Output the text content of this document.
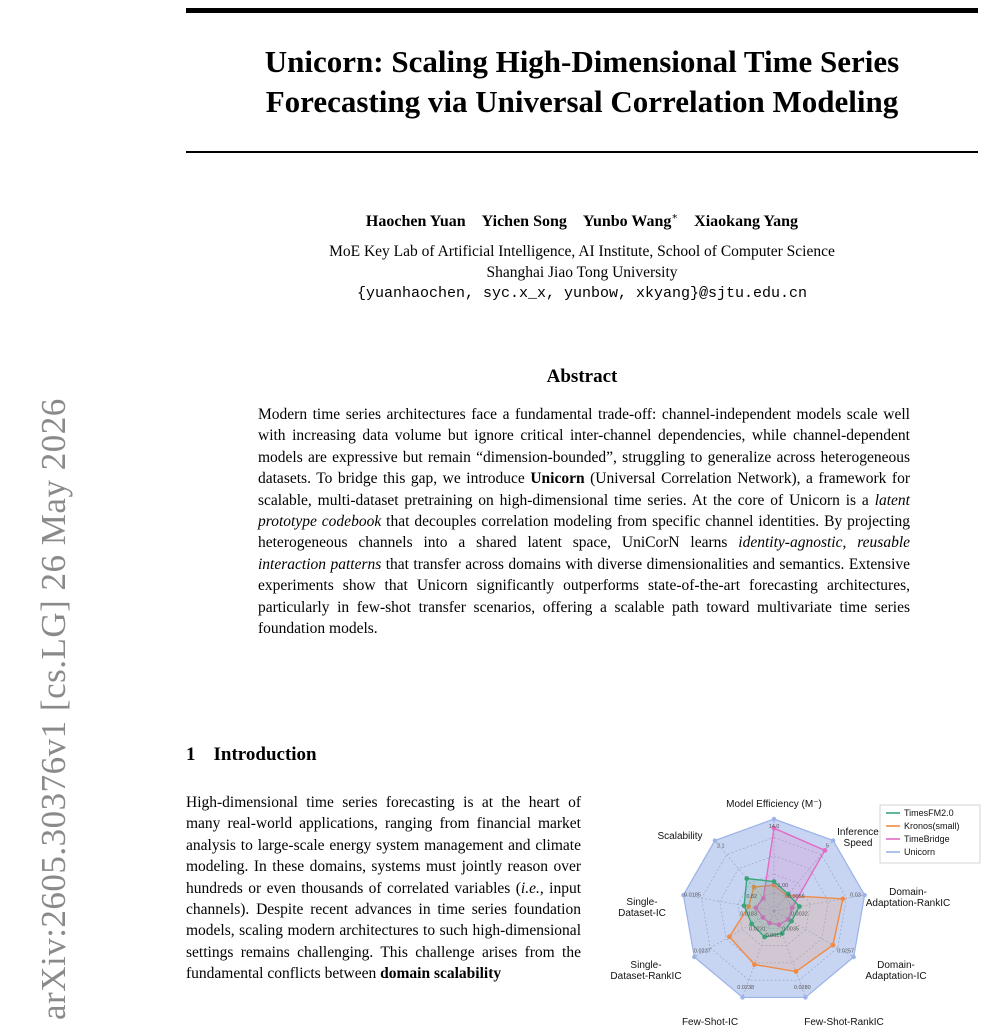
arXiv:2605.30376v1 [cs.LG] 26 May 2026
Unicorn: Scaling High-Dimensional Time Series
Forecasting via Universal Correlation Modeling
Haochen Yuan Yichen Song Yunbo Wang∗ Xiaokang Yang
MoE Key Lab of Artificial Intelligence, AI Institute, School of Computer Science
Shanghai Jiao Tong University
{yuanhaochen, syc.x_x, yunbow, xkyang}@sjtu.edu.cn
Abstract
Modern time series architectures face a fundamental trade-off: channel-independent models scale well with increasing data volume but ignore critical inter-channel dependencies, while channel-dependent models are expressive but remain “dimension-bounded”, struggling to generalize across heterogeneous datasets. To bridge this gap, we introduce Unicorn (Universal Correlation Network), a framework for scalable, multi-dataset pretraining on high-dimensional time series. At the core of Unicorn is a latent prototype codebook that decouples correlation modeling from specific channel identities. By projecting heterogeneous channels into a shared latent space, UniCorN learns identity-agnostic, reusable interaction patterns that transfer across domains with diverse dimensionalities and semantics. Extensive experiments show that Unicorn significantly outperforms state-of-the-art forecasting architectures, particularly in few-shot transfer scenarios, offering a scalable path toward multivariate time series foundation models.
1 Introduction
High-dimensional time series forecasting is at the heart of many real-world applications, ranging from financial market analysis to large-scale energy system management and climate modeling. In these domains, systems must jointly reason over hundreds or even thousands of correlated variables (i.e., input channels). Despite recent advances in time series foundation models, scaling modern architectures to such high-dimensional settings remains challenging. This challenge arises from the fundamental conflicts between domain scalability
14.0
5
0.03
0.0257
0.0280
0.0238
0.0237
0.0185
2.1
1.00
0.0055
0.0032
0.0035
0.0017
0.0231
0.0183
0.82
Model Efficiency (M⁻)
Inference Speed
Domain-Adaptation-RankIC
Domain-Adaptation-IC
Few-Shot-RankIC
Few-Shot-IC
Single-Dataset-RankIC
Single-Dataset-IC
Scalability
TimesFM2.0
Kronos(small)
TimeBridge
Unicorn
